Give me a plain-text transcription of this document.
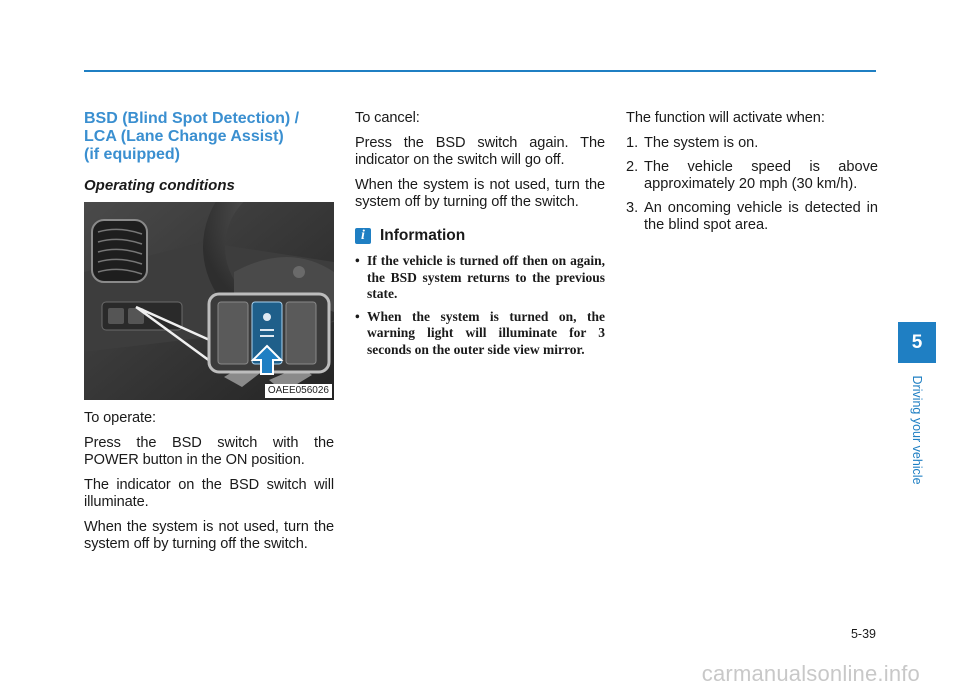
BSD (Blind Spot Detection) /
LCA (Lane Change Assist)
(if equipped)
Operating conditions
OAEE056026

To operate:

Press the BSD switch with the POWER button in the ON position.

The indicator on the BSD switch will illuminate.

When the system is not used, turn the system off by turning off the switch.

To cancel:

Press the BSD switch again. The indicator on the switch will go off.

When the system is not used, turn the system off by turning off the switch.

i Information
• If the vehicle is turned off then on again, the BSD system returns to the previous state.
• When the system is turned on, the warning light will illuminate for 3 seconds on the outer side view mirror.

The function will activate when:

1. The system is on.
2. The vehicle speed is above approximately 20 mph (30 km/h).
3. An oncoming vehicle is detected in the blind spot area.
5
Driving your vehicle
5-39
carmanualsonline.info
